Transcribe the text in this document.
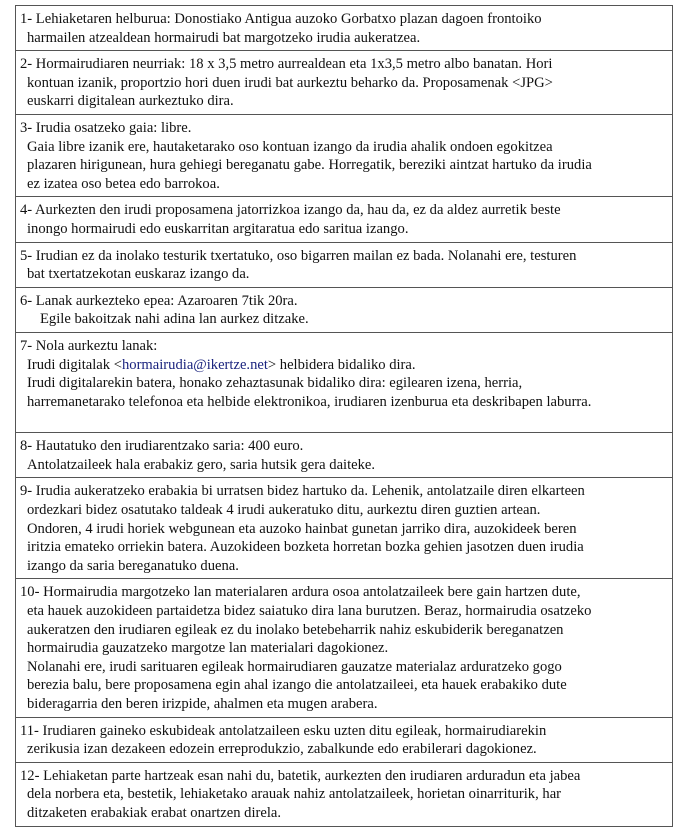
1- Lehiaketaren helburua: Donostiako Antigua auzoko Gorbatxo plazan dagoen frontoiko
harmailen atzealdean hormairudi bat margotzeko irudia aukeratzea.

2- Hormairudiaren neurriak: 18 x 3,5 metro aurrealdean eta 1x3,5 metro albo banatan. Hori
kontuan izanik, proportzio hori duen irudi bat aurkeztu beharko da. Proposamenak <JPG>
euskarri digitalean aurkeztuko dira.

3- Irudia osatzeko gaia: libre.
Gaia libre izanik ere, hautaketarako oso kontuan izango da irudia ahalik ondoen egokitzea
plazaren hirigunean, hura gehiegi bereganatu gabe. Horregatik, bereziki aintzat hartuko da irudia
ez izatea oso betea edo barrokoa.

4- Aurkezten den irudi proposamena jatorrizkoa izango da, hau da, ez da aldez aurretik beste
inongo hormairudi edo euskarritan argitaratua edo saritua izango.

5- Irudian ez da inolako testurik txertatuko, oso bigarren mailan ez bada. Nolanahi ere, testuren
bat txertatzekotan euskaraz izango da.

6- Lanak aurkezteko epea: Azaroaren 7tik 20ra.
Egile bakoitzak nahi adina lan aurkez ditzake.

7- Nola aurkeztu lanak:
Irudi digitalak <hormairudia@ikertze.net> helbidera bidaliko dira.
Irudi digitalarekin batera, honako zehaztasunak bidaliko dira: egilearen izena, herria,
harremanetarako telefonoa eta helbide elektronikoa, irudiaren izenburua eta deskribapen laburra.

8- Hautatuko den irudiarentzako saria: 400 euro.
Antolatzaileek hala erabakiz gero, saria hutsik gera daiteke.

9- Irudia aukeratzeko erabakia bi urratsen bidez hartuko da. Lehenik, antolatzaile diren elkarteen
ordezkari bidez osatutako taldeak 4 irudi aukeratuko ditu, aurkeztu diren guztien artean.
Ondoren, 4 irudi horiek webgunean eta auzoko hainbat gunetan jarriko dira, auzokideek beren
iritzia emateko orriekin batera. Auzokideen bozketa horretan bozka gehien jasotzen duen irudia
izango da saria bereganatuko duena.

10- Hormairudia margotzeko lan materialaren ardura osoa antolatzaileek bere gain hartzen dute,
eta hauek auzokideen partaidetza bidez saiatuko dira lana burutzen. Beraz, hormairudia osatzeko
aukeratzen den irudiaren egileak ez du inolako betebeharrik nahiz eskubiderik bereganatzen
hormairudia gauzatzeko margotze lan materialari dagokionez.
Nolanahi ere, irudi sarituaren egileak hormairudiaren gauzatze materialaz arduratzeko gogo
berezia balu, bere proposamena egin ahal izango die antolatzaileei, eta hauek erabakiko dute
bideragarria den beren irizpide, ahalmen eta mugen arabera.

11- Irudiaren gaineko eskubideak antolatzaileen esku uzten ditu egileak, hormairudiarekin
zerikusia izan dezakeen edozein erreprodukzio, zabalkunde edo erabilerari dagokionez.

12- Lehiaketan parte hartzeak esan nahi du, batetik, aurkezten den irudiaren arduradun eta jabea
dela norbera eta, bestetik, lehiaketako arauak nahiz antolatzaileek, horietan oinarriturik, har
ditzaketen erabakiak erabat onartzen direla.
